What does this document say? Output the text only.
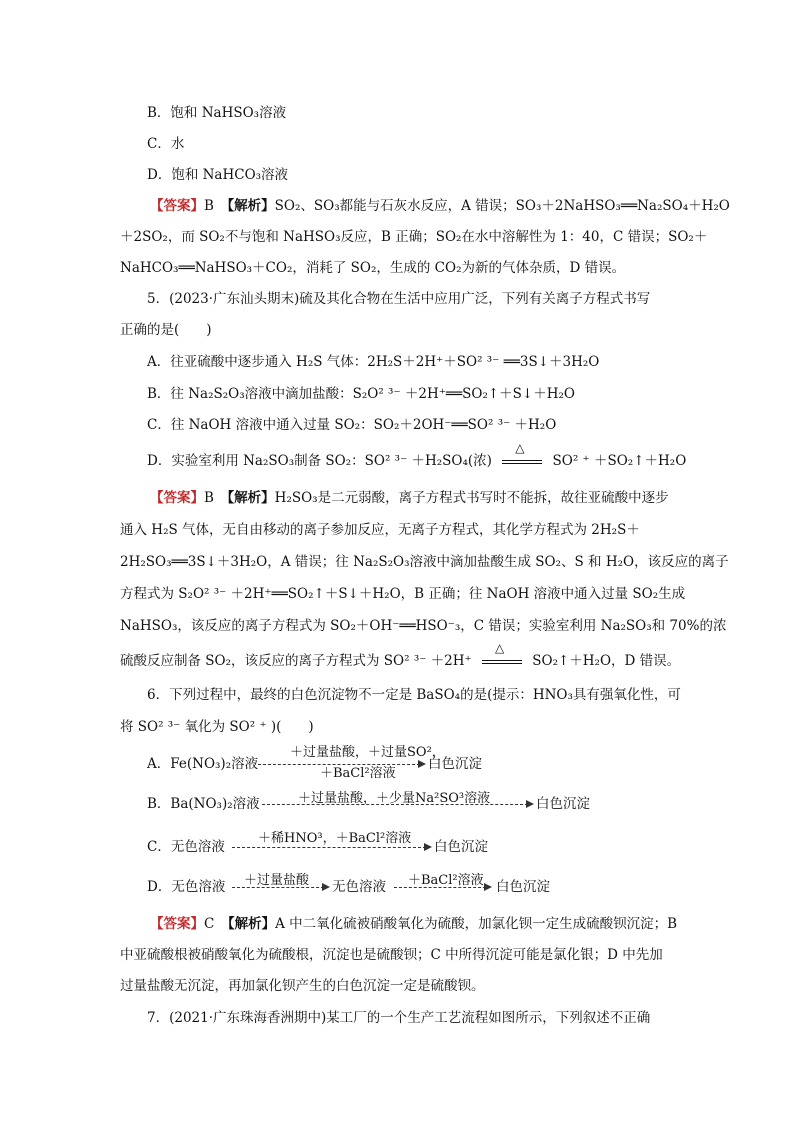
B．饱和 NaHSO₃溶液
C．水
D．饱和 NaHCO₃溶液
【答案】B　 【解析】SO₂、SO₃都能与石灰水反应，A 错误；SO₃＋2NaHSO₃══Na₂SO₄＋H₂O
＋2SO₂，而 SO₂不与饱和 NaHSO₃反应，B 正确；SO₂在水中溶解性为 1：40，C 错误；SO₂＋
NaHCO₃══NaHSO₃＋CO₂，消耗了 SO₂，生成的 CO₂为新的气体杂质，D 错误。
5．(2023·广东汕头期末)硫及其化合物在生活中应用广泛，下列有关离子方程式书写
正确的是(　　)
A．往亚硫酸中逐步通入 H₂S 气体：2H₂S＋2H⁺＋SO² ³⁻ ══3S↓＋3H₂O
B．往 Na₂S₂O₃溶液中滴加盐酸：S₂O² ³⁻ ＋2H⁺══SO₂↑＋S↓＋H₂O
C．往 NaOH 溶液中通入过量 SO₂：SO₂＋2OH⁻══SO² ³⁻ ＋H₂O
D．实验室利用 Na₂SO₃制备 SO₂：SO² ³⁻ ＋H₂SO₄(浓)
△
SO² ⁺ ＋SO₂↑＋H₂O
【答案】B　 【解析】H₂SO₃是二元弱酸，离子方程式书写时不能拆，故往亚硫酸中逐步
通入 H₂S 气体，无自由移动的离子参加反应，无离子方程式，其化学方程式为 2H₂S＋
2H₂SO₃══3S↓＋3H₂O，A 错误；往 Na₂S₂O₃溶液中滴加盐酸生成 SO₂、S 和 H₂O，该反应的离子
方程式为 S₂O² ³⁻ ＋2H⁺══SO₂↑＋S↓＋H₂O，B 正确；往 NaOH 溶液中通入过量 SO₂生成
NaHSO₃，该反应的离子方程式为 SO₂＋OH⁻══HSO⁻₃，C 错误；实验室利用 Na₂SO₃和 70%的浓
硫酸反应制备 SO₂，该反应的离子方程式为 SO² ³⁻ ＋2H⁺
△
SO₂↑＋H₂O，D 错误。
6．下列过程中，最终的白色沉淀物不一定是 BaSO₄的是(提示：HNO₃具有强氧化性，可
将 SO² ³⁻ 氧化为 SO² ⁺ )(　　)
A．Fe(NO₃)₂溶液
＋过量盐酸，＋过量SO²，
＋BaCl²溶液
白色沉淀
B．Ba(NO₃)₂溶液	＋过量盐酸，＋少量Na²SO³溶液	白色沉淀
C．无色溶液
＋稀HNO³，＋BaCl²溶液
白色沉淀
D．无色溶液 ＋过量盐酸 无色溶液 ＋BaCl²溶液 白色沉淀
【答案】C　 【解析】A 中二氧化硫被硝酸氧化为硫酸，加氯化钡一定生成硫酸钡沉淀；B
中亚硫酸根被硝酸氧化为硫酸根，沉淀也是硫酸钡；C 中所得沉淀可能是氯化银；D 中先加
过量盐酸无沉淀，再加氯化钡产生的白色沉淀一定是硫酸钡。
7．(2021·广东珠海香洲期中)某工厂的一个生产工艺流程如图所示，下列叙述不正确
